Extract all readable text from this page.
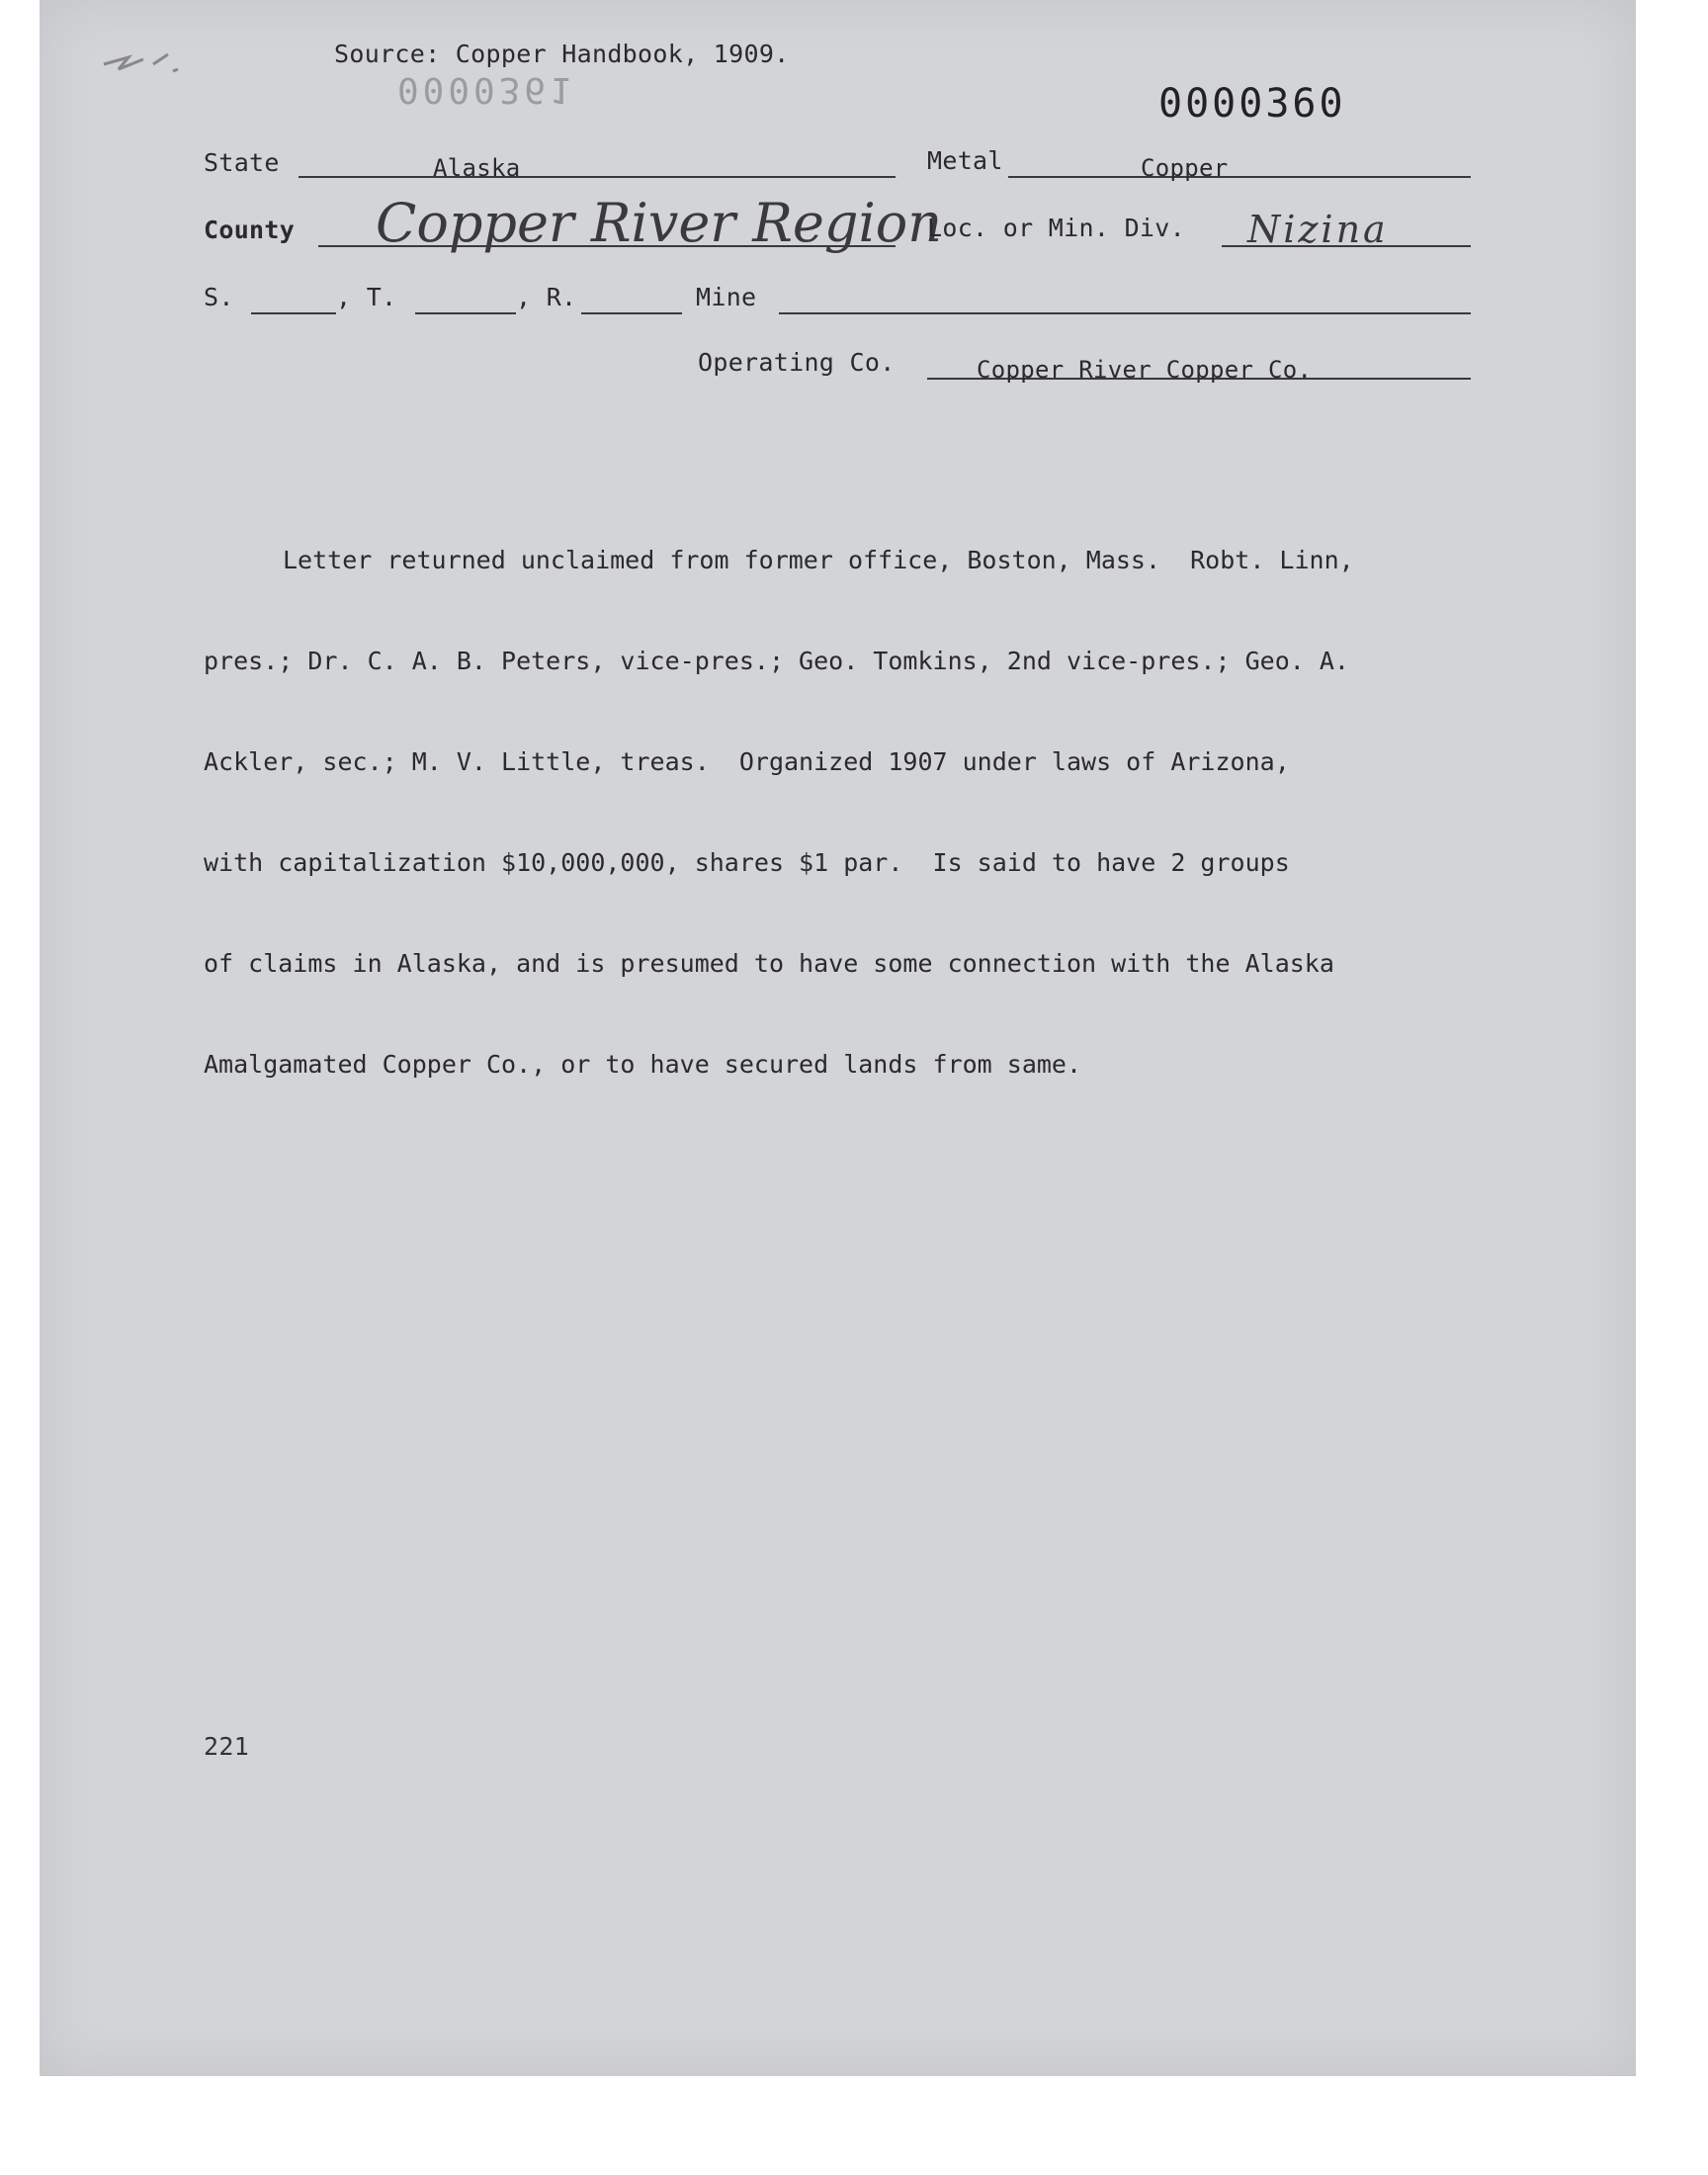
Source: Copper Handbook, 1909.
0000361	0000360
State	Alaska	Metal	Copper
County Copper River Region
Loc. or Min. Div. Nizina
S.	, T.	, R.	Mine
Operating Co.	Copper River Copper Co.

Letter returned unclaimed from former office, Boston, Mass.  Robt. Linn,

pres.; Dr. C. A. B. Peters, vice-pres.; Geo. Tomkins, 2nd vice-pres.; Geo. A.

Ackler, sec.; M. V. Little, treas.  Organized 1907 under laws of Arizona,

with capitalization $10,000,000, shares $1 par.  Is said to have 2 groups

of claims in Alaska, and is presumed to have some connection with the Alaska

Amalgamated Copper Co., or to have secured lands from same.

221
